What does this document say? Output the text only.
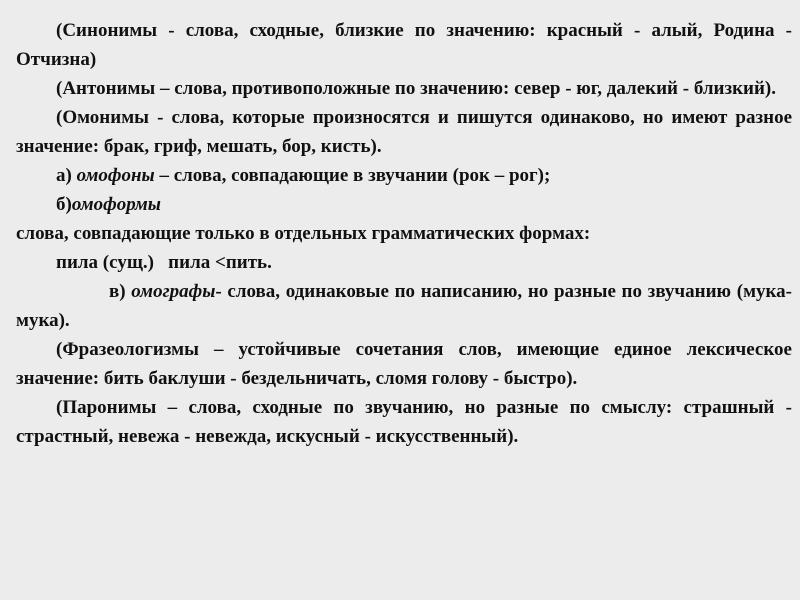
(Синонимы - слова, сходные, близкие по значению: красный - алый, Родина - Отчизна)

(Антонимы – слова, противоположные по значению: север - юг, далекий - близкий).

(Омонимы - слова, которые произносятся и пишутся одинаково, но имеют разное значение: брак, гриф, мешать, бор, кисть).

а) омофоны – слова, совпадающие в звучании (рок – рог);

б)омоформы

слова, совпадающие только в отдельных грамматических формах:

пила (сущ.)   пила <пить.

в) омографы- слова, одинаковые по написанию, но разные по звучанию (мука- мука).

(Фразеологизмы – устойчивые сочетания слов, имеющие единое лексическое значение: бить баклуши - бездельничать, сломя голову - быстро).

(Паронимы – слова, сходные по звучанию, но разные по смыслу: страшный - страстный, невежа - невежда, искусный - искусственный).
